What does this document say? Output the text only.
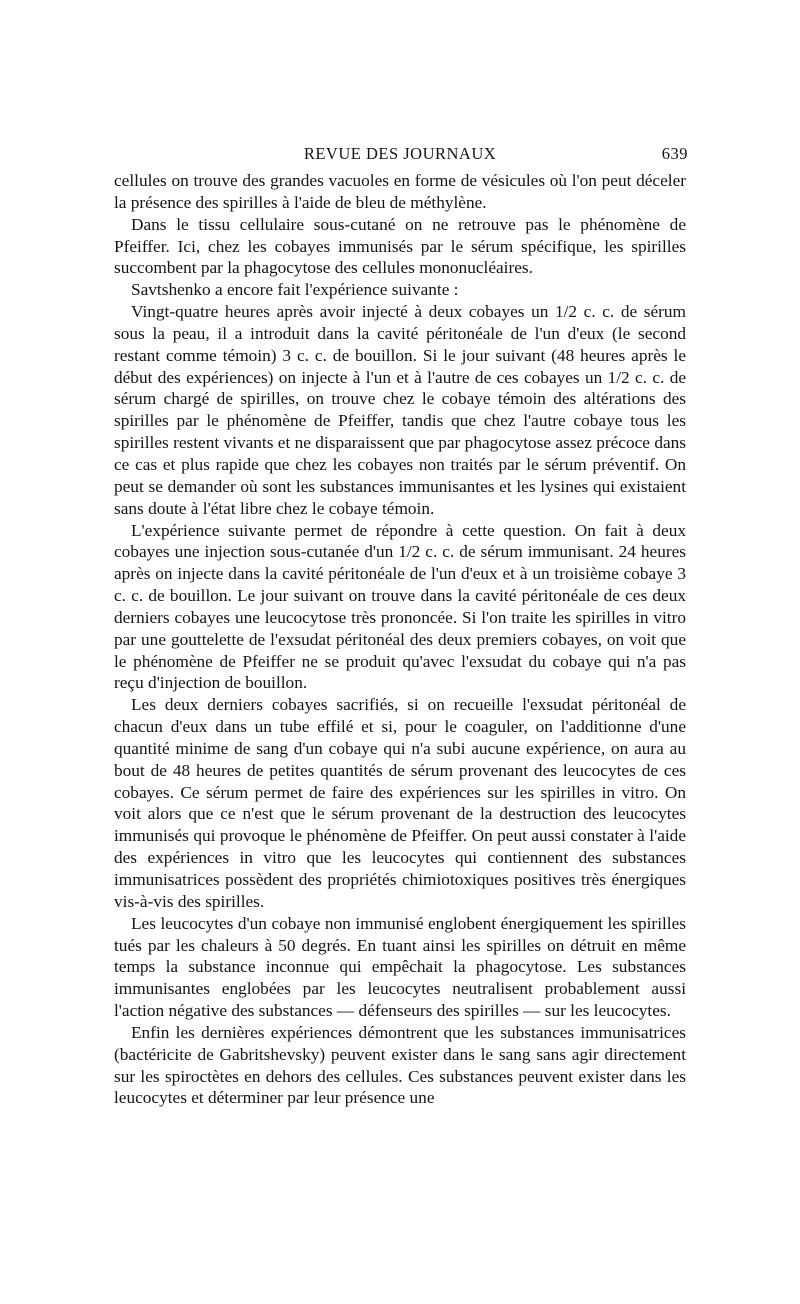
REVUE DES JOURNAUX	639

cellules on trouve des grandes vacuoles en forme de vésicules où l'on peut déceler la présence des spirilles à l'aide de bleu de méthylène.

Dans le tissu cellulaire sous-cutané on ne retrouve pas le phénomène de Pfeiffer. Ici, chez les cobayes immunisés par le sérum spécifique, les spirilles succombent par la phagocytose des cellules mononucléaires.

Savtshenko a encore fait l'expérience suivante :

Vingt-quatre heures après avoir injecté à deux cobayes un 1/2 c. c. de sérum sous la peau, il a introduit dans la cavité péritonéale de l'un d'eux (le second restant comme témoin) 3 c. c. de bouillon. Si le jour suivant (48 heures après le début des expériences) on injecte à l'un et à l'autre de ces cobayes un 1/2 c. c. de sérum chargé de spirilles, on trouve chez le cobaye témoin des altérations des spirilles par le phénomène de Pfeiffer, tandis que chez l'autre cobaye tous les spirilles restent vivants et ne disparaissent que par phagocytose assez précoce dans ce cas et plus rapide que chez les cobayes non traités par le sérum préventif. On peut se demander où sont les substances immunisantes et les lysines qui existaient sans doute à l'état libre chez le cobaye témoin.

L'expérience suivante permet de répondre à cette question. On fait à deux cobayes une injection sous-cutanée d'un 1/2 c. c. de sérum immunisant. 24 heures après on injecte dans la cavité péritonéale de l'un d'eux et à un troisième cobaye 3 c. c. de bouillon. Le jour suivant on trouve dans la cavité péritonéale de ces deux derniers cobayes une leucocytose très prononcée. Si l'on traite les spirilles in vitro par une gouttelette de l'exsudat péritonéal des deux premiers cobayes, on voit que le phénomène de Pfeiffer ne se produit qu'avec l'exsudat du cobaye qui n'a pas reçu d'injection de bouillon.

Les deux derniers cobayes sacrifiés, si on recueille l'exsudat péritonéal de chacun d'eux dans un tube effilé et si, pour le coaguler, on l'additionne d'une quantité minime de sang d'un cobaye qui n'a subi aucune expérience, on aura au bout de 48 heures de petites quantités de sérum provenant des leucocytes de ces cobayes. Ce sérum permet de faire des expériences sur les spirilles in vitro. On voit alors que ce n'est que le sérum provenant de la destruction des leucocytes immunisés qui provoque le phénomène de Pfeiffer. On peut aussi constater à l'aide des expériences in vitro que les leucocytes qui contiennent des substances immunisatrices possèdent des propriétés chimiotoxiques positives très énergiques vis-à-vis des spirilles.

Les leucocytes d'un cobaye non immunisé englobent énergiquement les spirilles tués par les chaleurs à 50 degrés. En tuant ainsi les spirilles on détruit en même temps la substance inconnue qui empêchait la phagocytose. Les substances immunisantes englobées par les leucocytes neutralisent probablement aussi l'action négative des substances — défenseurs des spirilles — sur les leucocytes.

Enfin les dernières expériences démontrent que les substances immunisatrices (bactéricite de Gabritshevsky) peuvent exister dans le sang sans agir directement sur les spiroctètes en dehors des cellules. Ces substances peuvent exister dans les leucocytes et déterminer par leur présence une
